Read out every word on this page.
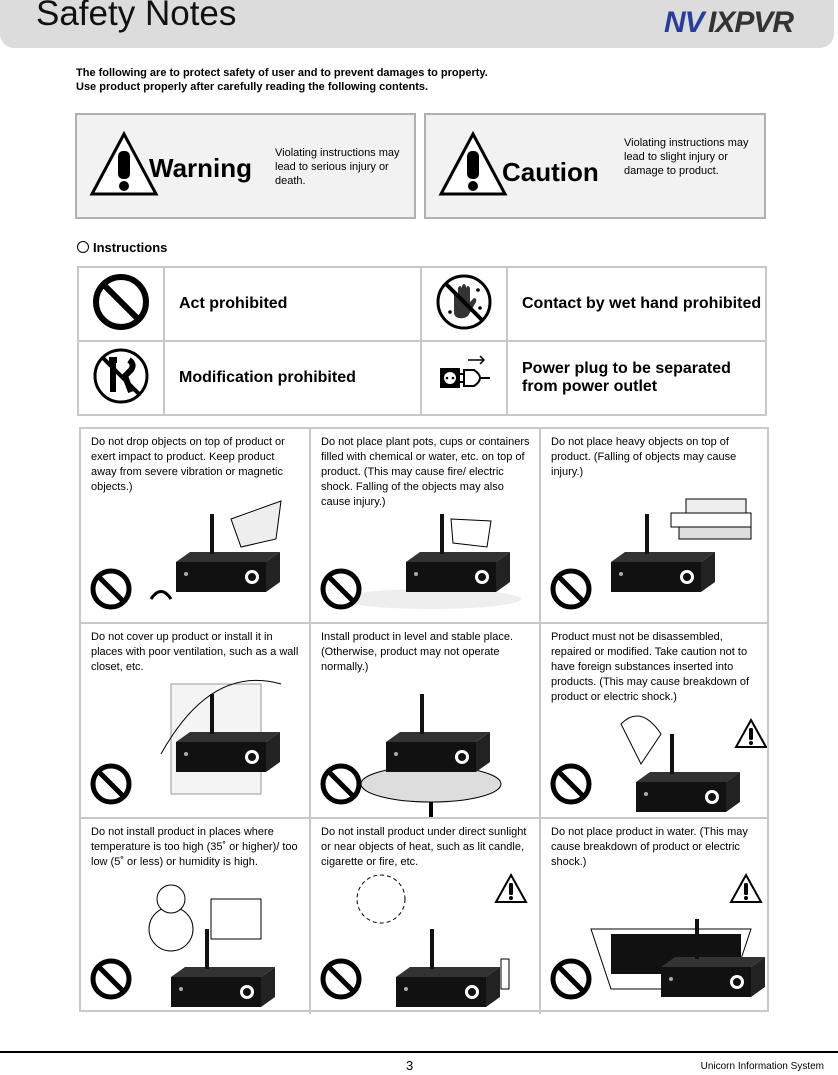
Safety Notes	NV IXPVR
The following are to protect safety of user and to prevent damages to property.
Use product properly after carefully reading the following contents.
Warning Violating instructions may lead to serious injury or death.	Caution
Violating instructions may lead to slight injury or damage to product.
Instructions
	Act prohibited		Contact by wet hand prohibited
	Modification prohibited		Power plug to be separated from power outlet
Do not drop objects on top of product or exert impact to product. Keep product away from severe vibration or magnetic objects.)
Do not place plant pots, cups or containers filled with chemical or water, etc. on top of product. (This may cause fire/ electric shock. Falling of the objects may also cause injury.)
Do not place heavy objects on top of product. (Falling of objects may cause injury.)
Do not cover up product or install it in places with poor ventilation, such as a wall closet, etc.
Install product in level and stable place. (Otherwise, product may not operate normally.)
Product must not be disassembled, repaired or modified. Take caution not to have foreign substances inserted into products. (This may cause breakdown of product or electric shock.)
Do not install product in places where temperature is too high (35˚ or higher)/ too low (5˚ or less) or humidity is high.
Do not install product under direct sunlight or near objects of heat, such as lit candle, cigarette or fire, etc.
Do not place product in water. (This may cause breakdown of product or electric shock.)
3	Unicorn Information System
